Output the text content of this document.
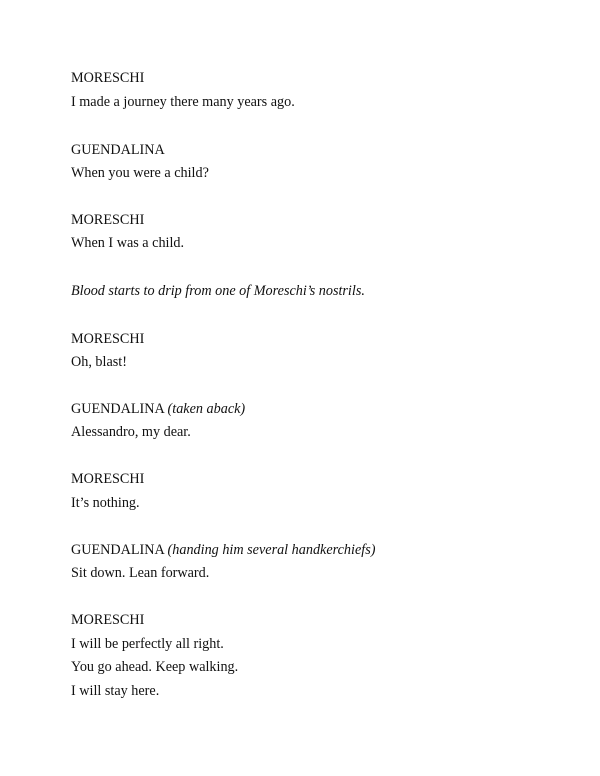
MORESCHI
I made a journey there many years ago.
GUENDALINA
When you were a child?
MORESCHI
When I was a child.
Blood starts to drip from one of Moreschi’s nostrils.
MORESCHI
Oh, blast!
GUENDALINA (taken aback)
Alessandro, my dear.
MORESCHI
It’s nothing.
GUENDALINA (handing him several handkerchiefs)
Sit down. Lean forward.
MORESCHI
I will be perfectly all right.
You go ahead. Keep walking.
I will stay here.
